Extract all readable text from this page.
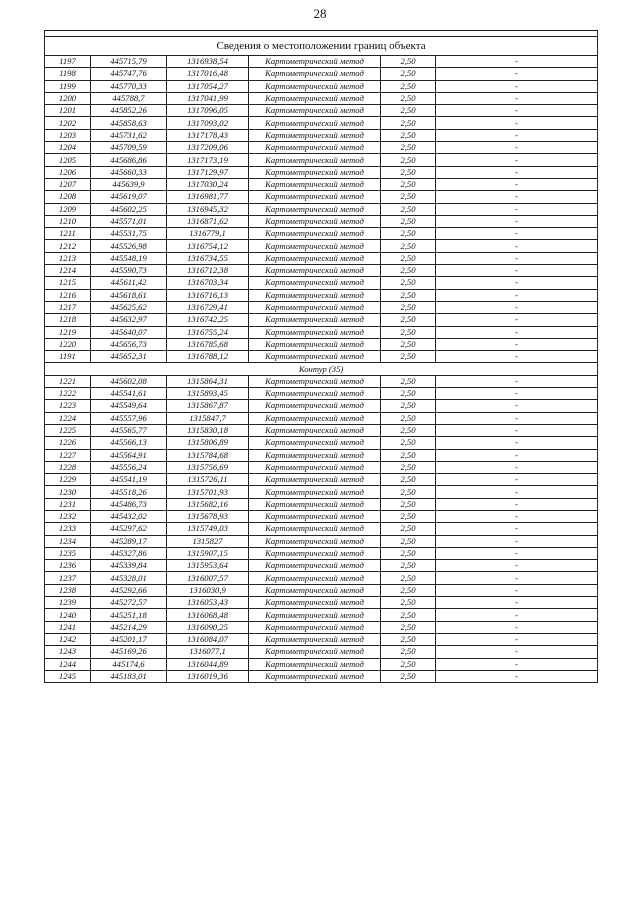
28

Сведения о местоположении границ объекта					
1197	445715,79	1316938,54	Картометрический метод	2,50	-
1198	445747,76	1317016,48	Картометрический метод	2,50	-
1199	445770,33	1317054,27	Картометрический метод	2,50	-
1200	445788,7	1317041,99	Картометрический метод	2,50	-
1201	445852,26	1317096,05	Картометрический метод	2,50	-
1202	445858,63	1317093,02	Картометрический метод	2,50	-
1203	445731,62	1317178,43	Картометрический метод	2,50	-
1204	445709,59	1317209,06	Картометрический метод	2,50	-
1205	445686,86	1317173,19	Картометрический метод	2,50	-
1206	445660,33	1317129,97	Картометрический метод	2,50	-
1207	445639,9	1317030,24	Картометрический метод	2,50	-
1208	445619,07	1316981,77	Картометрический метод	2,50	-
1209	445602,25	1316945,32	Картометрический метод	2,50	-
1210	445571,01	1316871,62	Картометрический метод	2,50	-
1211	445531,75	1316779,1	Картометрический метод	2,50	-
1212	445526,98	1316754,12	Картометрический метод	2,50	-
1213	445548,19	1316734,55	Картометрический метод	2,50	-
1214	445590,73	1316712,38	Картометрический метод	2,50	-
1215	445611,42	1316703,34	Картометрический метод	2,50	-
1216	445618,61	1316716,13	Картометрический метод	2,50	-
1217	445625,62	1316729,41	Картометрический метод	2,50	-
1218	445632,97	1316742,25	Картометрический метод	2,50	-
1219	445640,07	1316755,24	Картометрический метод	2,50	-
1220	445656,73	1316785,68	Картометрический метод	2,50	-
1191	445652,31	1316788,12	Картометрический метод	2,50	-
Контур (35)					
1221	445602,08	1315864,31	Картометрический метод	2,50	-
1222	445541,61	1315893,45	Картометрический метод	2,50	-
1223	445549,64	1315867,87	Картометрический метод	2,50	-
1224	445557,96	1315847,7	Картометрический метод	2,50	-
1225	445565,77	1315830,18	Картометрический метод	2,50	-
1226	445566,13	1315806,89	Картометрический метод	2,50	-
1227	445564,91	1315784,68	Картометрический метод	2,50	-
1228	445556,24	1315756,69	Картометрический метод	2,50	-
1229	445541,19	1315726,11	Картометрический метод	2,50	-
1230	445518,26	1315701,93	Картометрический метод	2,50	-
1231	445486,73	1315682,16	Картометрический метод	2,50	-
1232	445432,02	1315678,93	Картометрический метод	2,50	-
1233	445297,62	1315749,03	Картометрический метод	2,50	-
1234	445289,17	1315827	Картометрический метод	2,50	-
1235	445327,86	1315907,15	Картометрический метод	2,50	-
1236	445339,84	1315953,64	Картометрический метод	2,50	-
1237	445328,01	1316007,57	Картометрический метод	2,50	-
1238	445292,66	1316030,9	Картометрический метод	2,50	-
1239	445272,57	1316053,43	Картометрический метод	2,50	-
1240	445251,18	1316068,48	Картометрический метод	2,50	-
1241	445214,29	1316090,25	Картометрический метод	2,50	-
1242	445201,17	1316084,07	Картометрический метод	2,50	-
1243	445169,26	1316077,1	Картометрический метод	2,50	-
1244	445174,6	1316044,89	Картометрический метод	2,50	-
1245	445183,01	1316019,36	Картометрический метод	2,50	-
